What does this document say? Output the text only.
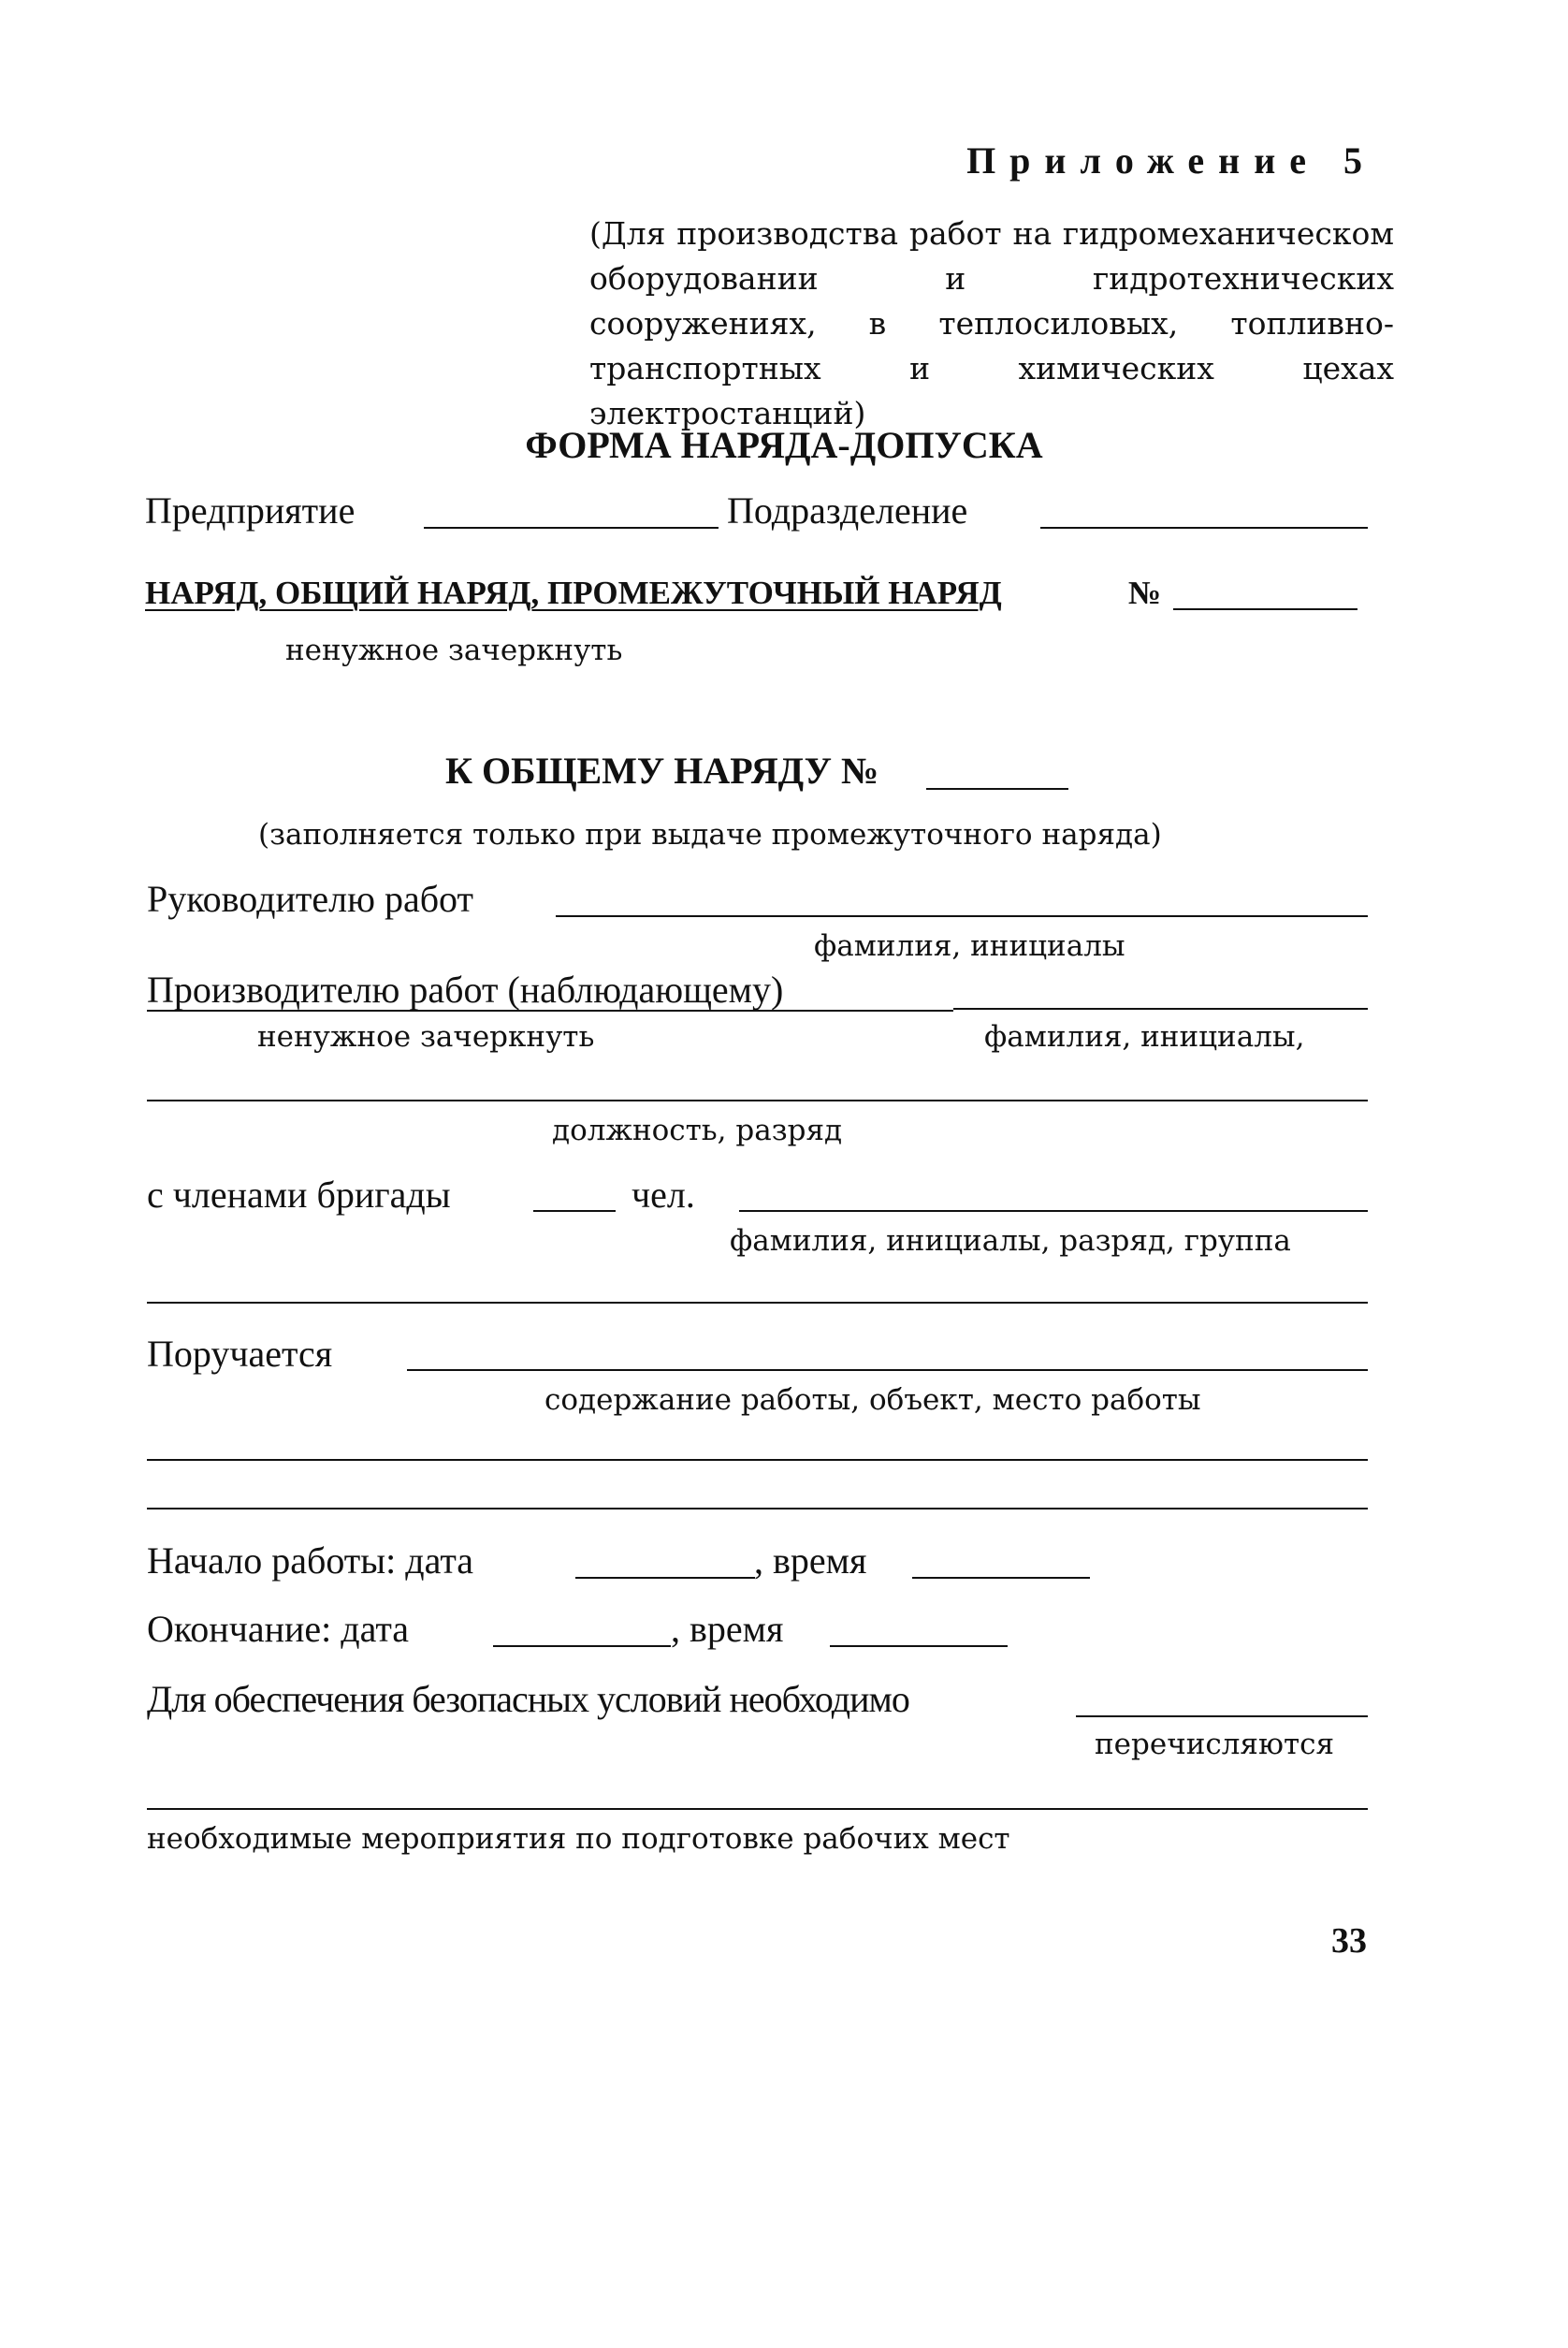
Приложение 5
(Для производства работ на гидромеханическом оборудовании и гидротехнических сооружениях, в теплосиловых, топливно-транспортных и химических цехах электростанций)
ФОРМА НАРЯДА-ДОПУСКА
Предприятие	Подразделение
НАРЯД, ОБЩИЙ НАРЯД, ПРОМЕЖУТОЧНЫЙ НАРЯД	№
ненужное зачеркнуть
К ОБЩЕМУ НАРЯДУ №
(заполняется только при выдаче промежуточного наряда)
Руководителю работ
фамилия, инициалы
Производителю работ (наблюдающему)
ненужное зачеркнуть	фамилия, инициалы,
должность, разряд
с членами бригады	чел.
фамилия, инициалы, разряд, группа
Поручается
содержание работы, объект, место работы
Начало работы: дата	, время
Окончание: дата	, время
Для обеспечения безопасных условий необходимо
перечисляются
необходимые мероприятия по подготовке рабочих мест
33
